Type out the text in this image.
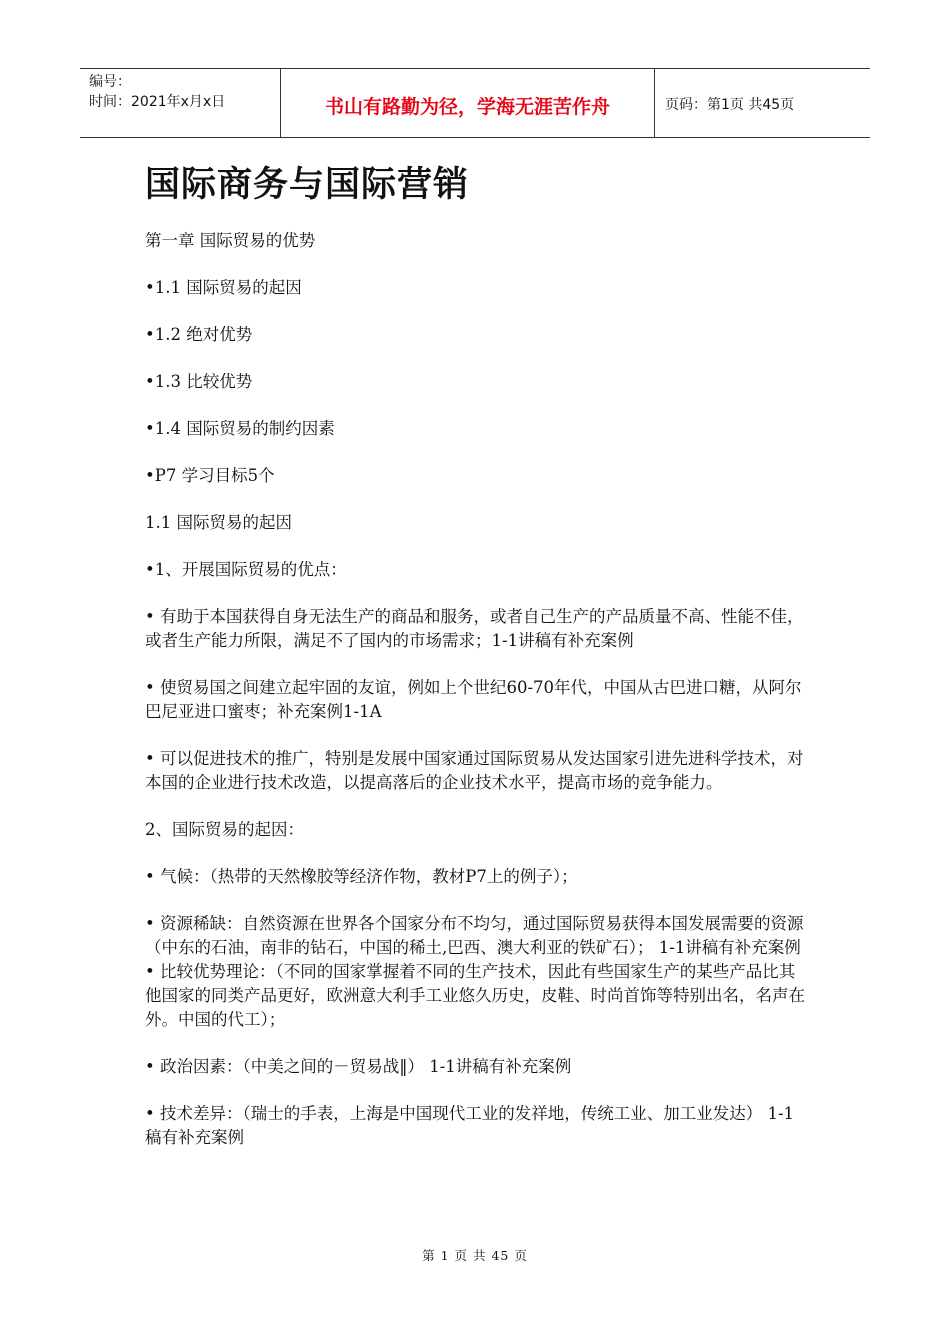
编号：
时间：2021年x月x日	书山有路勤为径，学海无涯苦作舟	页码：第1页 共45页
国际商务与国际营销

第一章 国际贸易的优势

•1.1 国际贸易的起因

•1.2 绝对优势

•1.3 比较优势

•1.4 国际贸易的制约因素

•P7 学习目标5个

1.1 国际贸易的起因

•1、开展国际贸易的优点：

• 有助于本国获得自身无法生产的商品和服务，或者自己生产的产品质量不高、性能不佳，或者生产能力所限，满足不了国内的市场需求；1-1讲稿有补充案例

• 使贸易国之间建立起牢固的友谊，例如上个世纪60-70年代，中国从古巴进口糖，从阿尔巴尼亚进口蜜枣；补充案例1-1A

• 可以促进技术的推广，特别是发展中国家通过国际贸易从发达国家引进先进科学技术，对本国的企业进行技术改造，以提高落后的企业技术水平，提高市场的竞争能力。

2、国际贸易的起因：

• 气候：（热带的天然橡胶等经济作物，教材P7上的例子）；

• 资源稀缺：自然资源在世界各个国家分布不均匀，通过国际贸易获得本国发展需要的资源（中东的石油，南非的钻石，中国的稀土,巴西、澳大利亚的铁矿石）； 1-1讲稿有补充案例 • 比较优势理论：（不同的国家掌握着不同的生产技术，因此有些国家生产的某些产品比其他国家的同类产品更好，欧洲意大利手工业悠久历史，皮鞋、时尚首饰等特别出名，名声在外。中国的代工）；

• 政治因素：（中美之间的－贸易战‖） 1-1讲稿有补充案例

• 技术差异：（瑞士的手表，上海是中国现代工业的发祥地，传统工业、加工业发达） 1-1稿有补充案例

第 1 页 共 45 页
